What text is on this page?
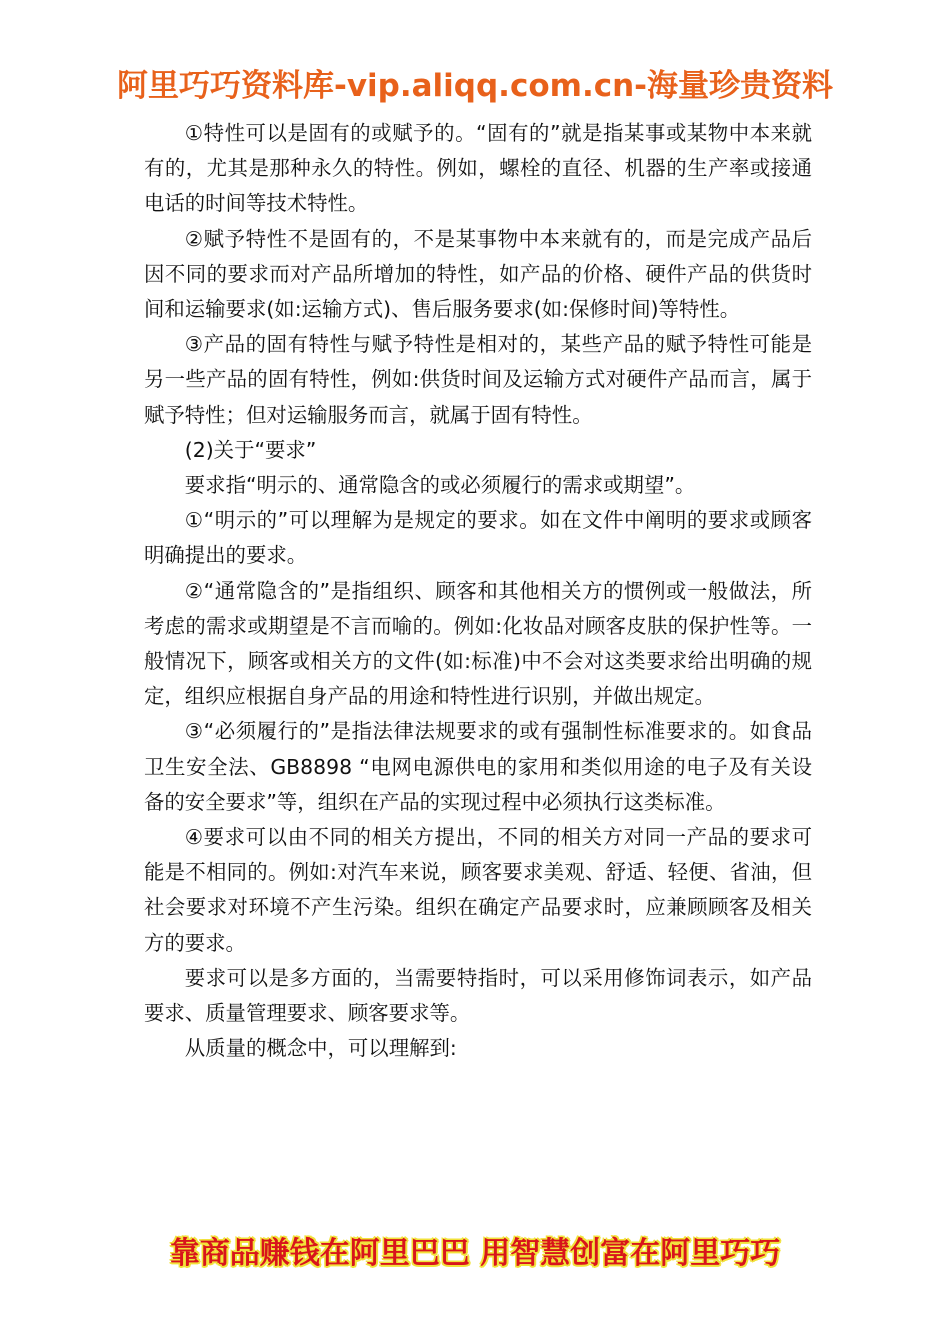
阿里巧巧资料库-vip.aliqq.com.cn-海量珍贵资料

①特性可以是固有的或赋予的。“固有的”就是指某事或某物中本来就有的，尤其是那种永久的特性。例如，螺栓的直径、机器的生产率或接通电话的时间等技术特性。

②赋予特性不是固有的，不是某事物中本来就有的，而是完成产品后因不同的要求而对产品所增加的特性，如产品的价格、硬件产品的供货时间和运输要求(如:运输方式)、售后服务要求(如:保修时间)等特性。

③产品的固有特性与赋予特性是相对的，某些产品的赋予特性可能是另一些产品的固有特性，例如:供货时间及运输方式对硬件产品而言，属于赋予特性；但对运输服务而言，就属于固有特性。

(2)关于“要求”

要求指“明示的、通常隐含的或必须履行的需求或期望”。

①“明示的”可以理解为是规定的要求。如在文件中阐明的要求或顾客明确提出的要求。

②“通常隐含的”是指组织、顾客和其他相关方的惯例或一般做法，所考虑的需求或期望是不言而喻的。例如:化妆品对顾客皮肤的保护性等。一般情况下，顾客或相关方的文件(如:标准)中不会对这类要求给出明确的规定，组织应根据自身产品的用途和特性进行识别，并做出规定。

③“必须履行的”是指法律法规要求的或有强制性标准要求的。如食品卫生安全法、GB8898 “电网电源供电的家用和类似用途的电子及有关设备的安全要求”等，组织在产品的实现过程中必须执行这类标准。

④要求可以由不同的相关方提出，不同的相关方对同一产品的要求可能是不相同的。例如:对汽车来说，顾客要求美观、舒适、轻便、省油，但社会要求对环境不产生污染。组织在确定产品要求时，应兼顾顾客及相关方的要求。

要求可以是多方面的，当需要特指时，可以采用修饰词表示，如产品要求、质量管理要求、顾客要求等。

从质量的概念中，可以理解到:

靠商品赚钱在阿里巴巴 用智慧创富在阿里巧巧
